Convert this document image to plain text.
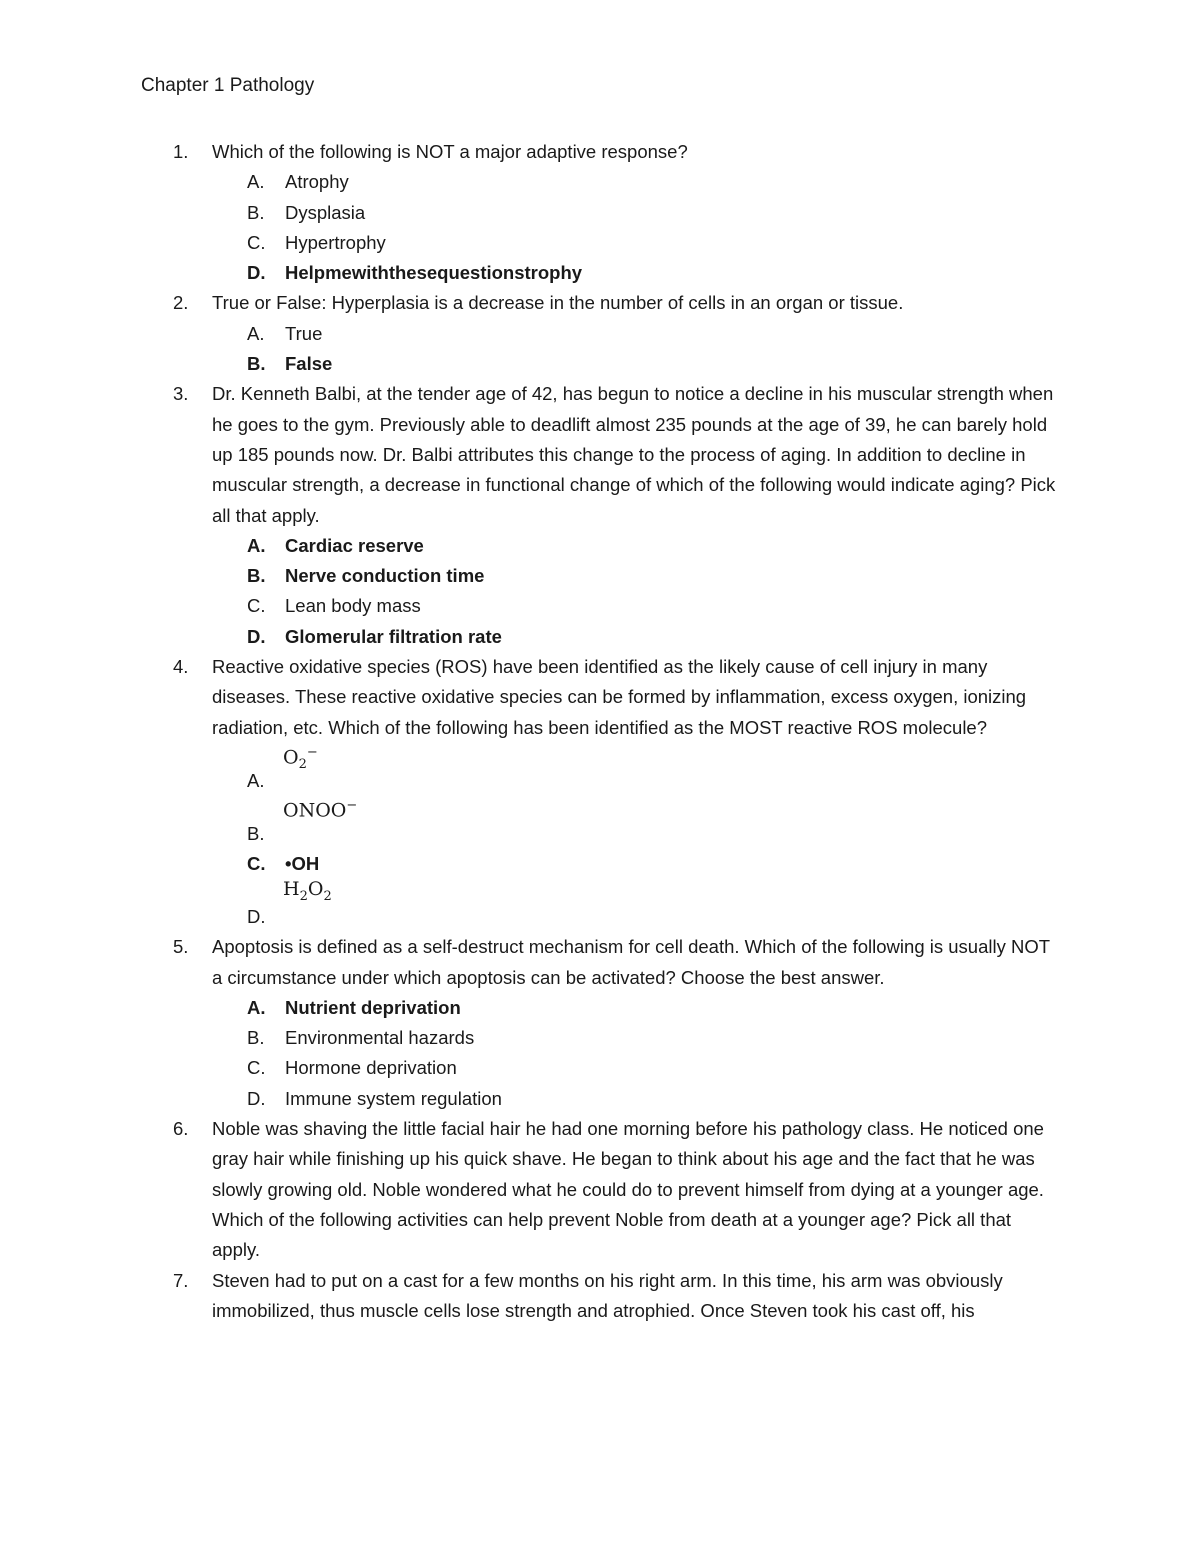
Chapter 1 Pathology
1. Which of the following is NOT a major adaptive response?
A. Atrophy
B. Dysplasia
C. Hypertrophy
D. Helpmewiththesequestionstrophy
2. True or False: Hyperplasia is a decrease in the number of cells in an organ or tissue.
A. True
B. False
3. Dr. Kenneth Balbi, at the tender age of 42, has begun to notice a decline in his muscular strength when he goes to the gym. Previously able to deadlift almost 235 pounds at the age of 39, he can barely hold up 185 pounds now. Dr. Balbi attributes this change to the process of aging. In addition to decline in muscular strength, a decrease in functional change of which of the following would indicate aging? Pick all that apply.
A. Cardiac reserve
B. Nerve conduction time
C. Lean body mass
D. Glomerular filtration rate
4. Reactive oxidative species (ROS) have been identified as the likely cause of cell injury in many diseases. These reactive oxidative species can be formed by inflammation, excess oxygen, ionizing radiation, etc. Which of the following has been identified as the MOST reactive ROS molecule?
A.
$O_2^-$
B.
ONOO−
C. •OH
D.
$H_2O_2$
5. Apoptosis is defined as a self-destruct mechanism for cell death. Which of the following is usually NOT a circumstance under which apoptosis can be activated? Choose the best answer.
A. Nutrient deprivation
B. Environmental hazards
C. Hormone deprivation
D. Immune system regulation
6. Noble was shaving the little facial hair he had one morning before his pathology class. He noticed one gray hair while finishing up his quick shave. He began to think about his age and the fact that he was slowly growing old. Noble wondered what he could do to prevent himself from dying at a younger age. Which of the following activities can help prevent Noble from death at a younger age? Pick all that apply.
7. Steven had to put on a cast for a few months on his right arm. In this time, his arm was obviously immobilized, thus muscle cells lose strength and atrophied. Once Steven took his cast off, his
